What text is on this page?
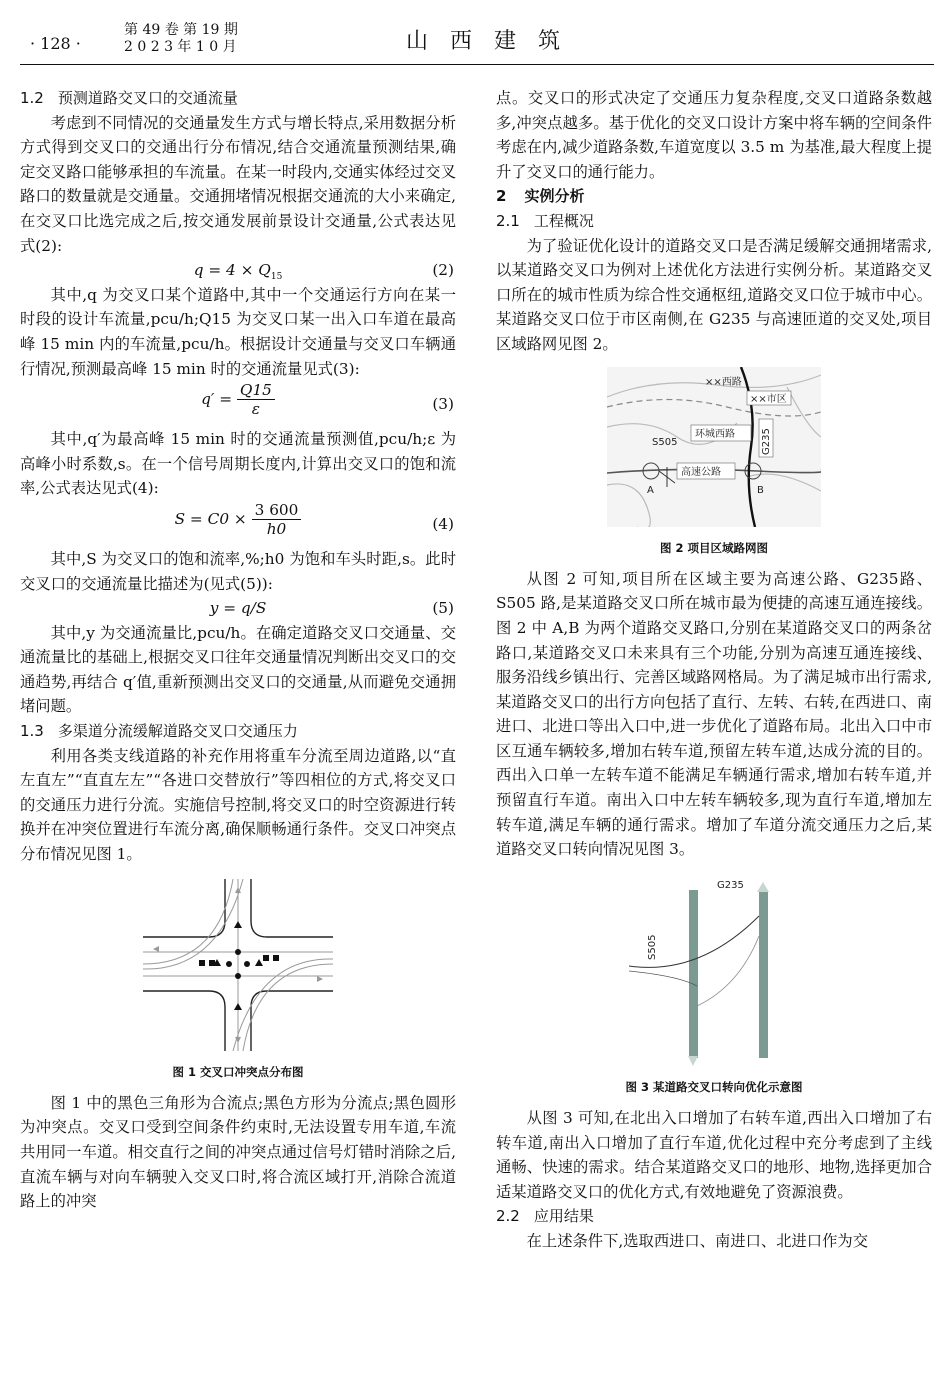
· 128 ·
第 49 卷 第 19 期
2 0 2 3 年 1 0 月	山西建筑
1.2 预测道路交叉口的交通流量

考虑到不同情况的交通量发生方式与增长特点,采用数据分析方式得到交叉口的交通出行分布情况,结合交通流量预测结果,确定交叉路口能够承担的车流量。在某一时段内,交通实体经过交叉路口的数量就是交通量。交通拥堵情况根据交通流的大小来确定,在交叉口比选完成之后,按交通发展前景设计交通量,公式表达见式(2):

$q = 4 \times Q_{15}$	(2)

其中,q 为交叉口某个道路中,其中一个交通运行方向在某一时段的设计车流量,pcu/h;Q15 为交叉口某一出入口车道在最高峰 15 min 内的车流量,pcu/h。根据设计交通量与交叉口车辆通行情况,预测最高峰 15 min 时的交通流量见式(3):

$q' = \frac{Q15}{\varepsilon}$	(3)

其中,q′为最高峰 15 min 时的交通流量预测值,pcu/h;ε 为高峰小时系数,s。在一个信号周期长度内,计算出交叉口的饱和流率,公式表达见式(4):

$S = C0 \times \frac{3 600}{h0}$	(4)

其中,S 为交叉口的饱和流率,%;h0 为饱和车头时距,s。此时交叉口的交通流量比描述为(见式(5)):

y = q/S	(5)

其中,y 为交通流量比,pcu/h。在确定道路交叉口交通量、交通流量比的基础上,根据交叉口往年交通量情况判断出交叉口的交通趋势,再结合 q′值,重新预测出交叉口的交通量,从而避免交通拥堵问题。

1.3 多渠道分流缓解道路交叉口交通压力

利用各类支线道路的补充作用将重车分流至周边道路,以“直左直左”“直直左左”“各进口交替放行”等四相位的方式,将交叉口的交通压力进行分流。实施信号控制,将交叉口的时空资源进行转换并在冲突位置进行车流分离,确保顺畅通行条件。交叉口冲突点分布情况见图 1。

图 1 交叉口冲突点分布图

图 1 中的黑色三角形为合流点;黑色方形为分流点;黑色圆形为冲突点。交叉口受到空间条件约束时,无法设置专用车道,车流共用同一车道。相交直行之间的冲突点通过信号灯错时消除之后,直流车辆与对向车辆驶入交叉口时,将合流区域打开,消除合流道路上的冲突

点。交叉口的形式决定了交通压力复杂程度,交叉口道路条数越多,冲突点越多。基于优化的交叉口设计方案中将车辆的空间条件考虑在内,减少道路条数,车道宽度以 3.5 m 为基准,最大程度上提升了交叉口的通行能力。

2 实例分析
2.1 工程概况

为了验证优化设计的道路交叉口是否满足缓解交通拥堵需求,以某道路交叉口为例对上述优化方法进行实例分析。某道路交叉口所在的城市性质为综合性交通枢纽,道路交叉口位于城市中心。某道路交叉口位于市区南侧,在 G235 与高速匝道的交叉处,项目区域路网见图 2。

××西路
××市区
环城西路	G235
S505
高速公路
A	B
图 2 项目区域路网图

从图 2 可知,项目所在区域主要为高速公路、G235路、S505 路,是某道路交叉口所在城市最为便捷的高速互通连接线。图 2 中 A,B 为两个道路交叉路口,分别在某道路交叉口的两条岔路口,某道路交叉口未来具有三个功能,分别为高速互通连接线、服务沿线乡镇出行、完善区域路网格局。为了满足城市出行需求,某道路交叉口的出行方向包括了直行、左转、右转,在西进口、南进口、北进口等出入口中,进一步优化了道路布局。北出入口中市区互通车辆较多,增加右转车道,预留左转车道,达成分流的目的。西出入口单一左转车道不能满足车辆通行需求,增加右转车道,并预留直行车道。南出入口中左转车辆较多,现为直行车道,增加左转车道,满足车辆的通行需求。增加了车道分流交通压力之后,某道路交叉口转向情况见图 3。

G235
S505
图 3 某道路交叉口转向优化示意图

从图 3 可知,在北出入口增加了右转车道,西出入口增加了右转车道,南出入口增加了直行车道,优化过程中充分考虑到了主线通畅、快速的需求。结合某道路交叉口的地形、地物,选择更加合适某道路交叉口的优化方式,有效地避免了资源浪费。

2.2 应用结果

在上述条件下,选取西进口、南进口、北进口作为交
